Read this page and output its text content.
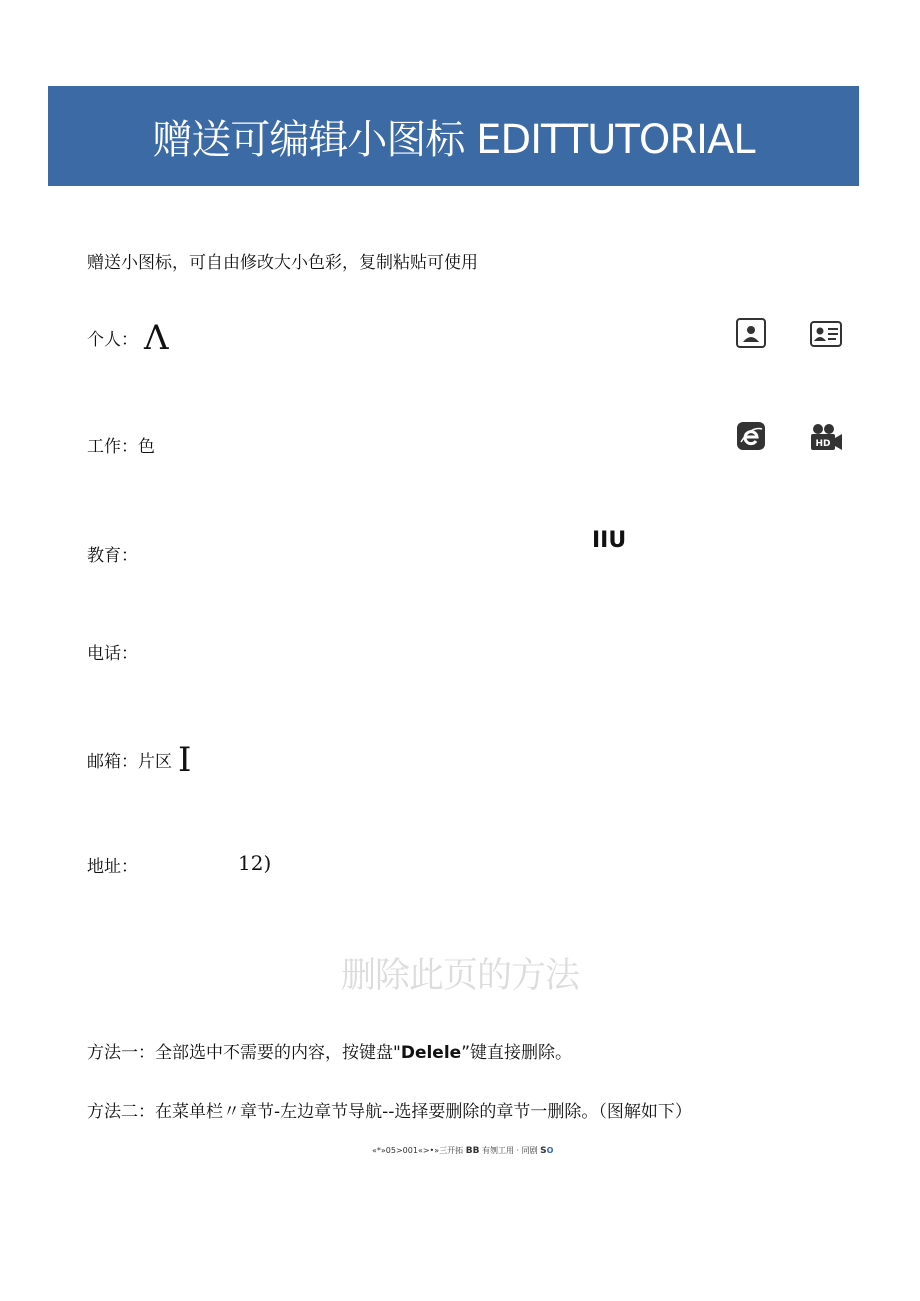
赠送可编辑小图标 EDITTUTORIAL
赠送小图标，可自由修改大小色彩，复制粘贴可使用
个人： Λ
工作：色
教育：
IIU
电话：
邮箱：片区 I
地址：	12)
HD
删除此页的方法
方法一：全部选中不需要的内容，按键盘"Delele”键直接删除。
方法二：在菜单栏〃章节-左边章节导航--选择要删除的章节一删除。（图解如下）
«*»05>001«>•»三开拓 BB 有刎工用 · 同剧 SO
